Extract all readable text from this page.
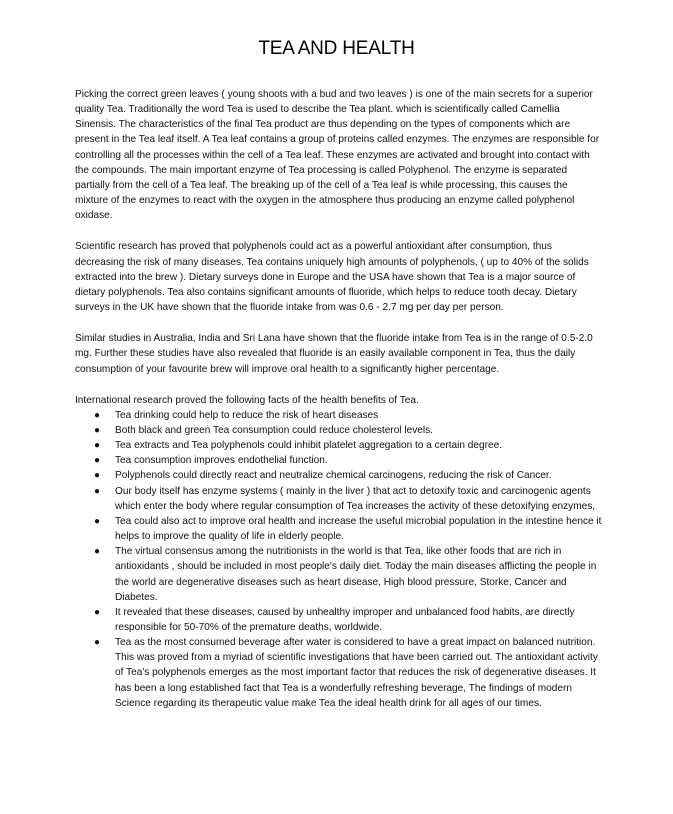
TEA AND HEALTH

Picking the correct green leaves ( young shoots with a bud and two leaves ) is one of the main secrets for a superior quality Tea. Traditionally the word Tea is used to describe the Tea plant. which is scientifically called Camellia Sinensis. The characteristics of the final Tea product are thus depending on the types of components which are present in the Tea leaf itself. A Tea leaf contains a group of proteins called enzymes. The enzymes are responsible for controlling all the processes within the cell of a Tea leaf. These enzymes are activated and brought into contact with the compounds. The main important enzyme of Tea processing is called Polyphenol. The enzyme is separated partially from the cell of a Tea leaf. The breaking up of the cell of a Tea leaf is while processing, this causes the mixture of the enzymes to react with the oxygen in the atmosphere thus producing an enzyme called polyphenol oxidase.

Scientific research has proved that polyphenols could act as a powerful antioxidant after consumption, thus decreasing the risk of many diseases. Tea contains uniquely high amounts of polyphenols, ( up to 40% of the solids extracted into the brew ). Dietary surveys done in Europe and the USA have shown that Tea is a major source of dietary polyphenols. Tea also contains significant amounts of fluoride, which helps to reduce tooth decay. Dietary surveys in the UK have shown that the fluoride intake from was 0.6 - 2.7 mg per day per person.

Similar studies in Australia, India and Sri Lana have shown that the fluoride intake from Tea is in the range of 0.5-2.0 mg. Further these studies have also revealed that fluoride is an easily available component in Tea, thus the daily consumption of your favourite brew will improve oral health to a significantly higher percentage.

International research proved the following facts of the health benefits of Tea.

● Tea drinking could help to reduce the risk of heart diseases
● Both black and green Tea consumption could reduce cholesterol levels.
● Tea extracts and Tea polyphenols could inhibit platelet aggregation to a certain degree.
● Tea consumption improves endothelial function.
● Polyphenols could directly react and neutralize chemical carcinogens, reducing the risk of Cancer.
● Our body itself has enzyme systems ( mainly in the liver ) that act to detoxify toxic and carcinogenic agents which enter the body where regular consumption of Tea increases the activity of these detoxifying enzymes,
● Tea could also act to improve oral health and increase the useful microbial population in the intestine hence it helps to improve the quality of life in elderly people.
● The virtual consensus among the nutritionists in the world is that Tea, like other foods that are rich in antioxidants , should be included in most people's daily diet. Today the main diseases afflicting the people in the world are degenerative diseases such as heart disease, High blood pressure, Storke, Cancer and Diabetes.
● It revealed that these diseases, caused by unhealthy improper and unbalanced food habits, are directly responsible for 50-70% of the premature deaths, worldwide.
● Tea as the most consumed beverage after water is considered to have a great impact on balanced nutrition. This was proved from a myriad of scientific investigations that have been carried out. The antioxidant activity of Tea's polyphenols emerges as the most important factor that reduces the risk of degenerative diseases. It has been a long established fact that Tea is a wonderfully refreshing beverage, The findings of modern Science regarding its therapeutic value make Tea the ideal health drink for all ages of our times.
